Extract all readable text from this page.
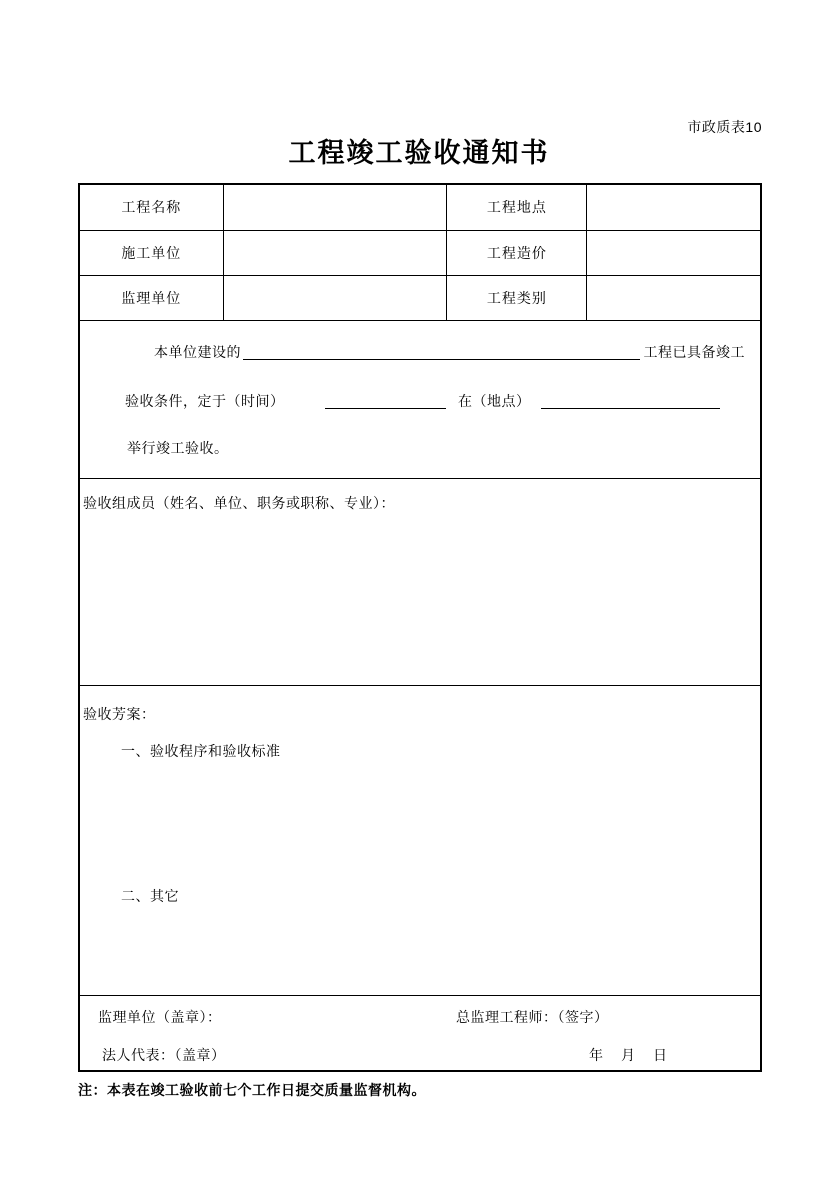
市政质表10
工程竣工验收通知书
工程名称		工程地点	
施工单位		工程造价	
监理单位		工程类别	
本单位建设的	工程已具备竣工
验收条件，定于（时间）	在（地点）
举行竣工验收。
验收组成员（姓名、单位、职务或职称、专业）：
验收芳案：
一、验收程序和验收标准
二、其它
监理单位（盖章）：	总监理工程师：（签字）
法人代表：（盖章）	年　月　日
注：本表在竣工验收前七个工作日提交质量监督机构。
